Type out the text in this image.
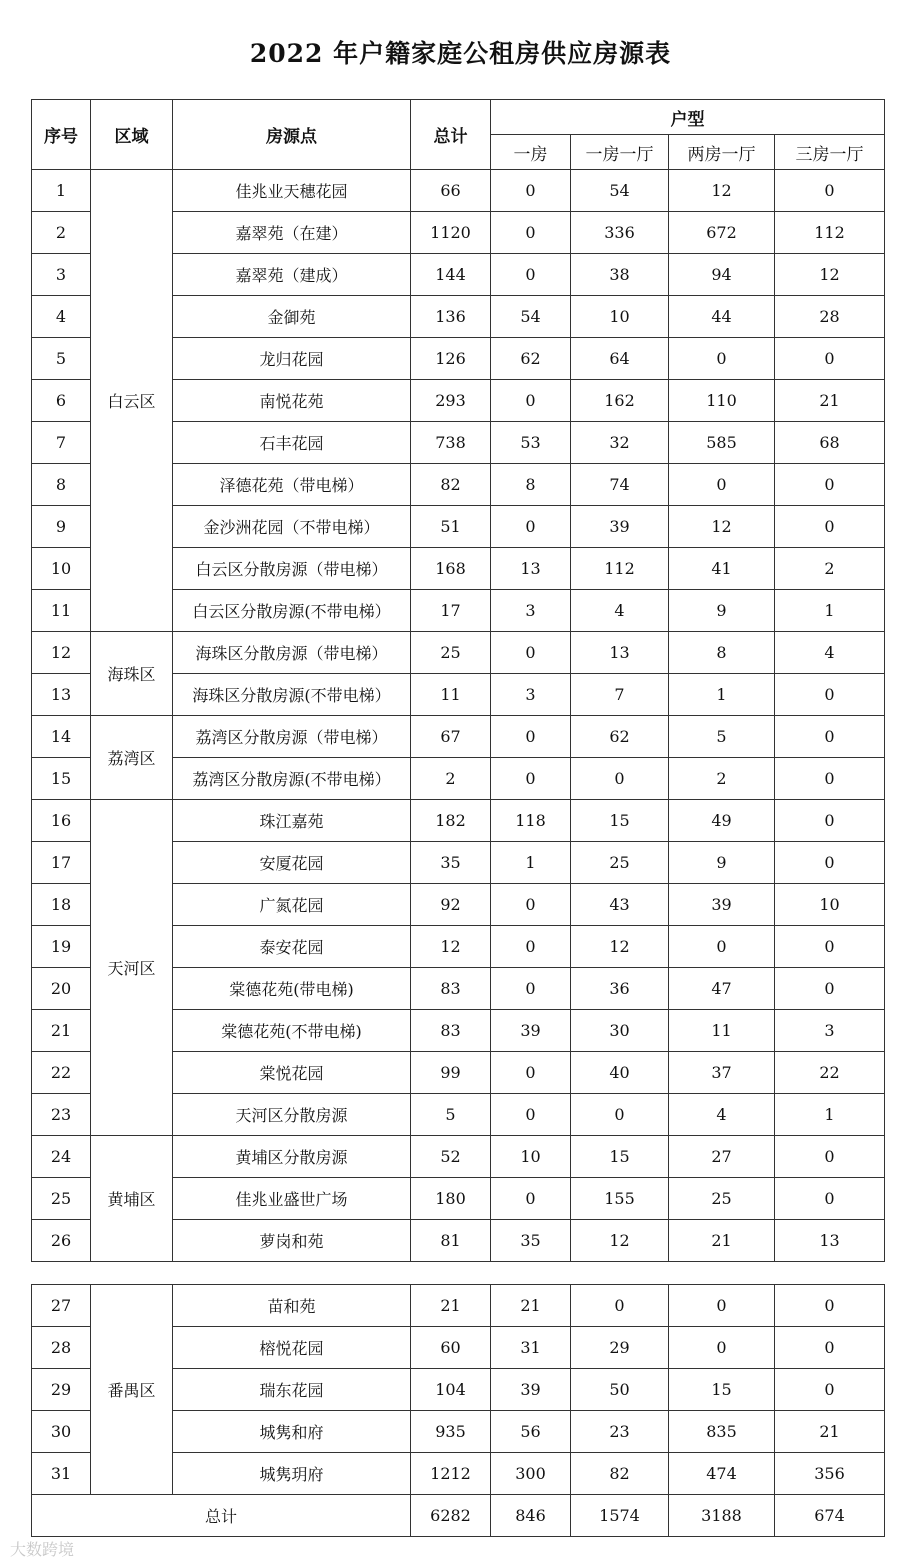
2022 年户籍家庭公租房供应房源表
序号	区域	房源点	总计	户型			
				一房	一房一厅	两房一厅	三房一厅
1	白云区	佳兆业天穗花园	66	0	54	12	0
2		嘉翠苑（在建）	1120	0	336	672	112
3		嘉翠苑（建成）	144	0	38	94	12
4		金御苑	136	54	10	44	28
5		龙归花园	126	62	64	0	0
6		南悦花苑	293	0	162	110	21
7		石丰花园	738	53	32	585	68
8		泽德花苑（带电梯）	82	8	74	0	0
9		金沙洲花园（不带电梯）	51	0	39	12	0
10		白云区分散房源（带电梯）	168	13	112	41	2
11		白云区分散房源(不带电梯）	17	3	4	9	1
12	海珠区	海珠区分散房源（带电梯）	25	0	13	8	4
13		海珠区分散房源(不带电梯）	11	3	7	1	0
14	荔湾区	荔湾区分散房源（带电梯）	67	0	62	5	0
15		荔湾区分散房源(不带电梯）	2	0	0	2	0
16	天河区	珠江嘉苑	182	118	15	49	0
17		安厦花园	35	1	25	9	0
18		广氮花园	92	0	43	39	10
19		泰安花园	12	0	12	0	0
20		棠德花苑(带电梯)	83	0	36	47	0
21		棠德花苑(不带电梯)	83	39	30	11	3
22		棠悦花园	99	0	40	37	22
23		天河区分散房源	5	0	0	4	1
24	黄埔区	黄埔区分散房源	52	10	15	27	0
25		佳兆业盛世广场	180	0	155	25	0
26		萝岗和苑	81	35	12	21	13
27	番禺区	苗和苑	21	21	0	0	0
28		榕悦花园	60	31	29	0	0
29		瑞东花园	104	39	50	15	0
30		城隽和府	935	56	23	835	21
31		城隽玥府	1212	300	82	474	356
总计			6282	846	1574	3188	674
大数跨境
